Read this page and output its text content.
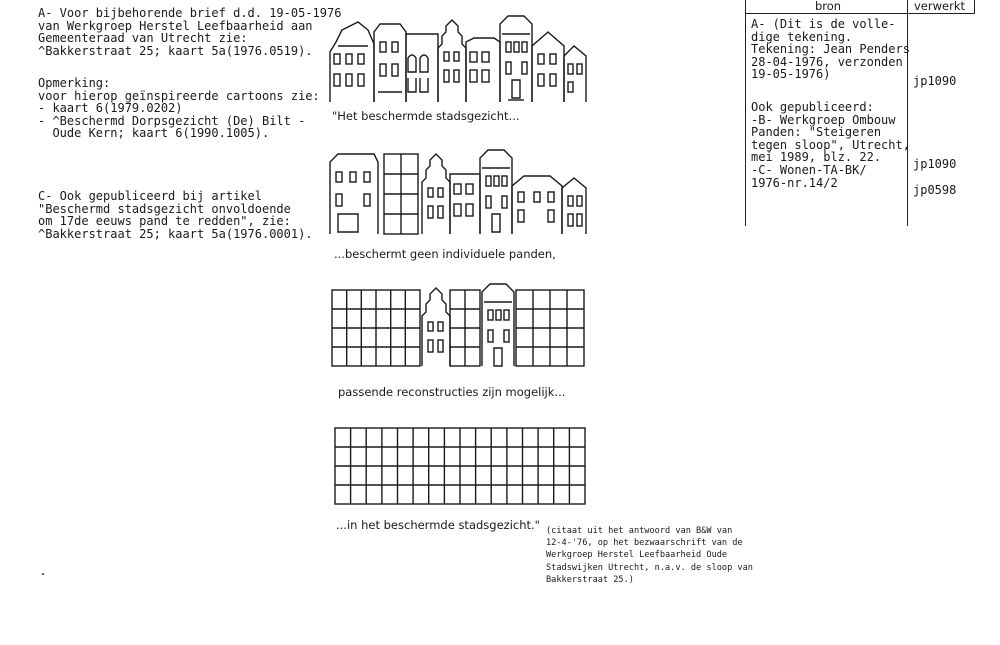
A- Voor bijbehorende brief d.d. 19-05-1976
van Werkgroep Herstel Leefbaarheid aan
Gemeenteraad van Utrecht zie:
^Bakkerstraat 25; kaart 5a(1976.0519).
Opmerking:
voor hierop geïnspireerde cartoons zie:
- kaart 6(1979.0202)
- ^Beschermd Dorpsgezicht (De) Bilt -
Oude Kern; kaart 6(1990.1005).
C- Ook gepubliceerd bij artikel
"Beschermd stadsgezicht onvoldoende
om 17de eeuws pand te redden", zie:
^Bakkerstraat 25; kaart 5a(1976.0001).
"Het beschermde stadsgezicht...
...beschermt geen individuele panden,
passende reconstructies zijn mogelijk...
...in het beschermde stadsgezicht." (citaat uit het antwoord van B&W van
12-4-'76, op het bezwaarschrift van de
Werkgroep Herstel Leefbaarheid Oude
Stadswijken Utrecht, n.a.v. de sloop van
Bakkerstraat 25.)
bron	verwerkt
A- (Dit is de volle-
dige tekening.
Tekening: Jean Penders
28-04-1976, verzonden
19-05-1976)
Ook gepubliceerd:
-B- Werkgroep Ombouw
Panden: "Steigeren
tegen sloop", Utrecht,
mei 1989, blz. 22.
-C- Wonen-TA-BK/
1976-nr.14/2
jp1090
jp1090
jp0598
